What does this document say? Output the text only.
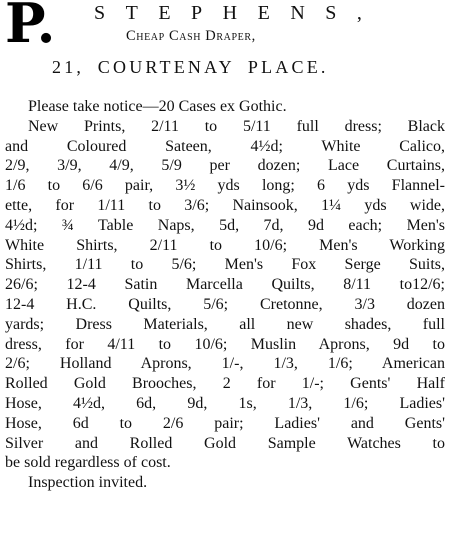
P. STEPHENS,
Cheap Cash Draper,
21, COURTENAY PLACE.
Please take notice—20 Cases ex Gothic.
New Prints, 2/11 to 5/11 full dress; Black
and Coloured Sateen, 4½d; White Calico,
2/9, 3/9, 4/9, 5/9 per dozen; Lace Curtains,
1/6 to 6/6 pair, 3½ yds long; 6 yds Flannel-
ette, for 1/11 to 3/6; Nainsook, 1¼ yds wide,
4½d; ¾ Table Naps, 5d, 7d, 9d each; Men's
White Shirts, 2/11 to 10/6; Men's Working
Shirts, 1/11 to 5/6; Men's Fox Serge Suits,
26/6; 12-4 Satin Marcella Quilts, 8/11 to12/6;
12-4 H.C. Quilts, 5/6; Cretonne, 3/3 dozen
yards; Dress Materials, all new shades, full
dress, for 4/11 to 10/6; Muslin Aprons, 9d to
2/6; Holland Aprons, 1/-, 1/3, 1/6; American
Rolled Gold Brooches, 2 for 1/-; Gents' Half
Hose, 4½d, 6d, 9d, 1s, 1/3, 1/6; Ladies'
Hose, 6d to 2/6 pair; Ladies' and Gents'
Silver and Rolled Gold Sample Watches to
be sold regardless of cost.
Inspection invited.
